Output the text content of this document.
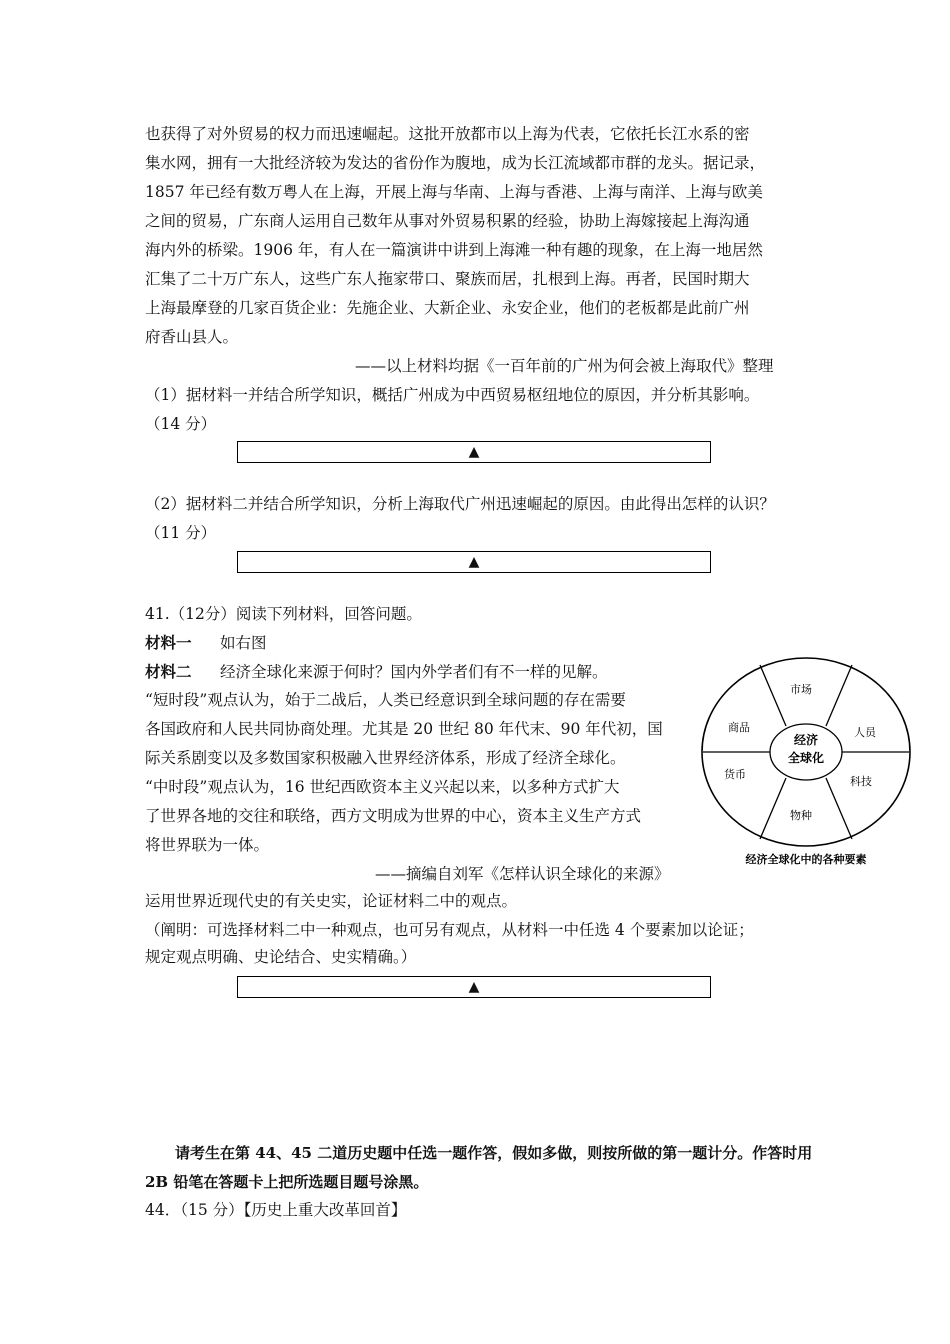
也获得了对外贸易的权力而迅速崛起。这批开放都市以上海为代表，它依托长江水系的密
集水网，拥有一大批经济较为发达的省份作为腹地，成为长江流域都市群的龙头。据记录，
1857 年已经有数万粤人在上海，开展上海与华南、上海与香港、上海与南洋、上海与欧美
之间的贸易，广东商人运用自己数年从事对外贸易积累的经验，协助上海嫁接起上海沟通
海内外的桥梁。1906 年，有人在一篇演讲中讲到上海滩一种有趣的现象，在上海一地居然
汇集了二十万广东人，这些广东人拖家带口、聚族而居，扎根到上海。再者，民国时期大
上海最摩登的几家百货企业：先施企业、大新企业、永安企业，他们的老板都是此前广州
府香山县人。
——以上材料均据《一百年前的广州为何会被上海取代》整理
（1）据材料一并结合所学知识，概括广州成为中西贸易枢纽地位的原因，并分析其影响。
（14 分）
▲
（2）据材料二并结合所学知识，分析上海取代广州迅速崛起的原因。由此得出怎样的认识？
（11 分）
▲
41.（12分）阅读下列材料，回答问题。
材料一 如右图
材料二 经济全球化来源于何时？国内外学者们有不一样的见解。
“短时段”观点认为，始于二战后，人类已经意识到全球问题的存在需要
各国政府和人民共同协商处理。尤其是 20 世纪 80 年代末、90 年代初，国
际关系剧变以及多数国家积极融入世界经济体系，形成了经济全球化。
“中时段”观点认为，16 世纪西欧资本主义兴起以来，以多种方式扩大
了世界各地的交往和联络，西方文明成为世界的中心，资本主义生产方式
将世界联为一体。
——摘编自刘军《怎样认识全球化的来源》
运用世界近现代史的有关史实，论证材料二中的观点。
（阐明：可选择材料二中一种观点，也可另有观点，从材料一中任选 4 个要素加以论证；
规定观点明确、史论结合、史实精确。）
▲
经济
全球化
市场
人员
科技
物种
货币
商品
经济全球化中的各种要素
请考生在第 44、45 二道历史题中任选一题作答，假如多做，则按所做的第一题计分。作答时用
2B 铅笔在答题卡上把所选题目题号涂黑。
44．（15 分）【历史上重大改革回首】
